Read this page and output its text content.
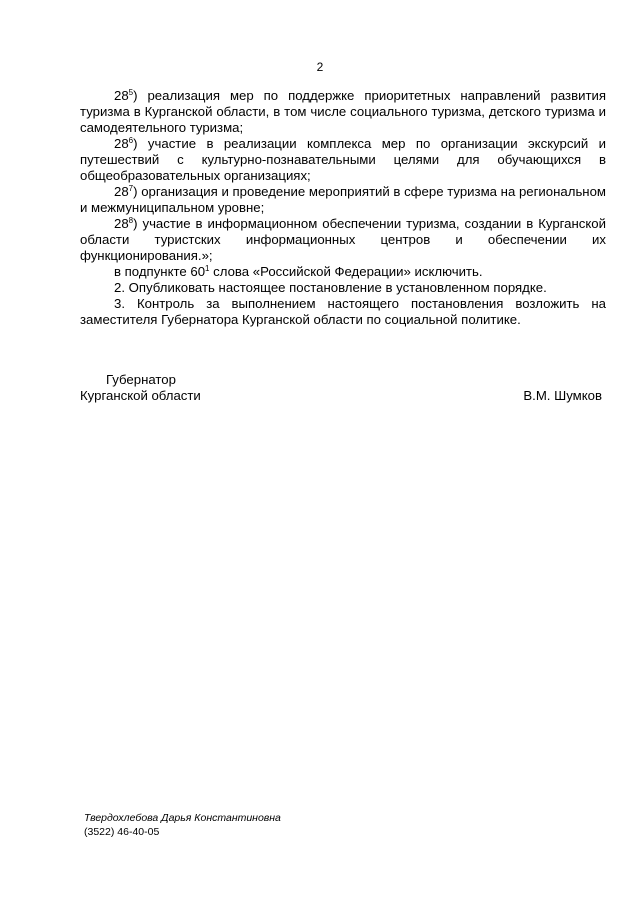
2

$28^5$) реализация мер по поддержке приоритетных направлений развития туризма в Курганской области, в том числе социального туризма, детского туризма и самодеятельного туризма;

$28^6$) участие в реализации комплекса мер по организации экскурсий и путешествий с культурно-познавательными целями для обучающихся в общеобразовательных организациях;

$28^7$) организация и проведение мероприятий в сфере туризма на региональном и межмуниципальном уровне;

$28^8$) участие в информационном обеспечении туризма, создании в Курганской области туристских информационных центров и обеспечении их функционирования.»;

в подпункте $60^1$ слова «Российской Федерации» исключить.

2. Опубликовать настоящее постановление в установленном порядке.

3. Контроль за выполнением настоящего постановления возложить на заместителя Губернатора Курганской области по социальной политике.

Губернатор
Курганской области	В.М. Шумков
Твердохлебова Дарья Константиновна
(3522) 46-40-05
